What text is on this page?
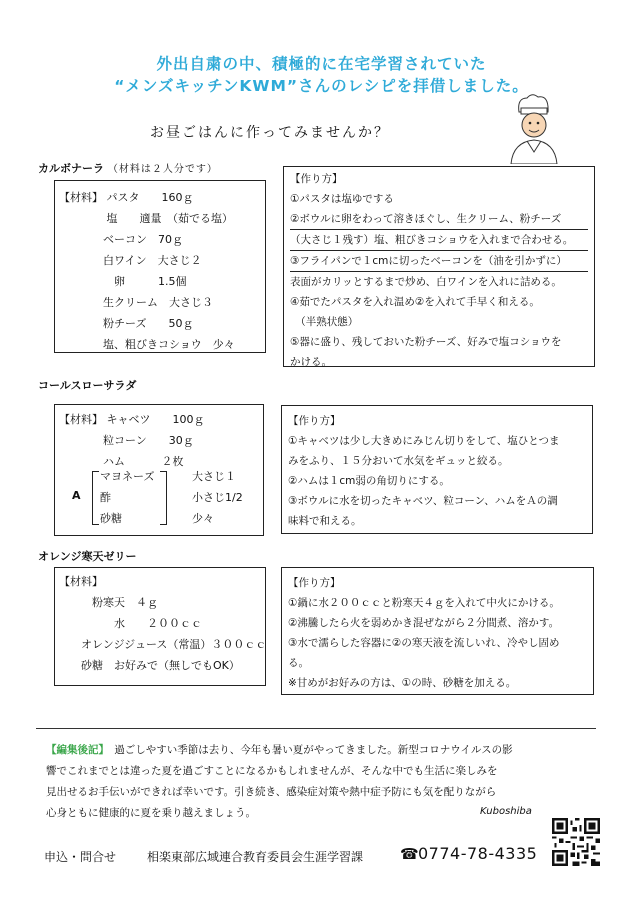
外出自粛の中、積極的に在宅学習されていた
“メンズキッチンKWM”さんのレシピを拝借しました。
お昼ごはんに作ってみませんか？
カルボナーラ （材料は２人分です）
【材料】 パスタ　　160ｇ
　　　　 塩　　適量　（茹でる塩）
　　　　ベーコン　70ｇ
　　　　白ワイン　大さじ２
　　　　　卵　　　1.5個
　　　　生クリーム　大さじ３
　　　　粉チーズ　　50ｇ
　　　　塩、粗びきコショウ　少々
【作り方】
①パスタは塩ゆでする
②ボウルに卵をわって溶きほぐし、生クリーム、粉チーズ
（大さじ１残す）塩、粗びきコショウを入れまで合わせる。
③フライパンで１cmに切ったベーコンを（油を引かずに）
表面がカリッとするまで炒め、白ワインを入れに詰める。
④茹でたパスタを入れ温め②を入れて手早く和える。
　（半熟状態）
⑤器に盛り、残しておいた粉チーズ、好みで塩コショウを
かける。
コールスローサラダ
【材料】 キャベツ　　100ｇ
　　　　粒コーン　　30ｇ
　　　　ハム　　　 ２枚
A
マヨネーズ
酢
砂糖
大さじ１
小さじ1/2
少々
【作り方】
①キャベツは少し大きめにみじん切りをして、塩ひとつま
みをふり、１５分おいて水気をギュッと絞る。
②ハムは１cm弱の角切りにする。
③ボウルに水を切ったキャベツ、粒コーン、ハムをＡの調
味料で和える。
オレンジ寒天ゼリー
【材料】
　　　粉寒天　４ｇ
　　　　　水　　２００ｃｃ
　　オレンジジュース（常温）３００ｃｃ
　　砂糖　お好みで（無しでもOK）
【作り方】
①鍋に水２００ｃｃと粉寒天４ｇを入れて中火にかける。
②沸騰したら火を弱めかき混ぜながら２分間煮、溶かす。
③水で濡らした容器に②の寒天液を流しいれ、冷やし固め
る。
※甘めがお好みの方は、①の時、砂糖を加える。
【編集後記】　過ごしやすい季節は去り、今年も暑い夏がやってきました。新型コロナウイルスの影
響でこれまでとは違った夏を過ごすことになるかもしれませんが、そんな中でも生活に楽しみを
見出せるお手伝いができれば幸いです。引き続き、感染症対策や熱中症予防にも気を配りながら
心身ともに健康的に夏を乗り越えましょう。	Kuboshiba
申込・問合せ	相楽東部広域連合教育委員会生涯学習課 ☎ 0774-78-4335
